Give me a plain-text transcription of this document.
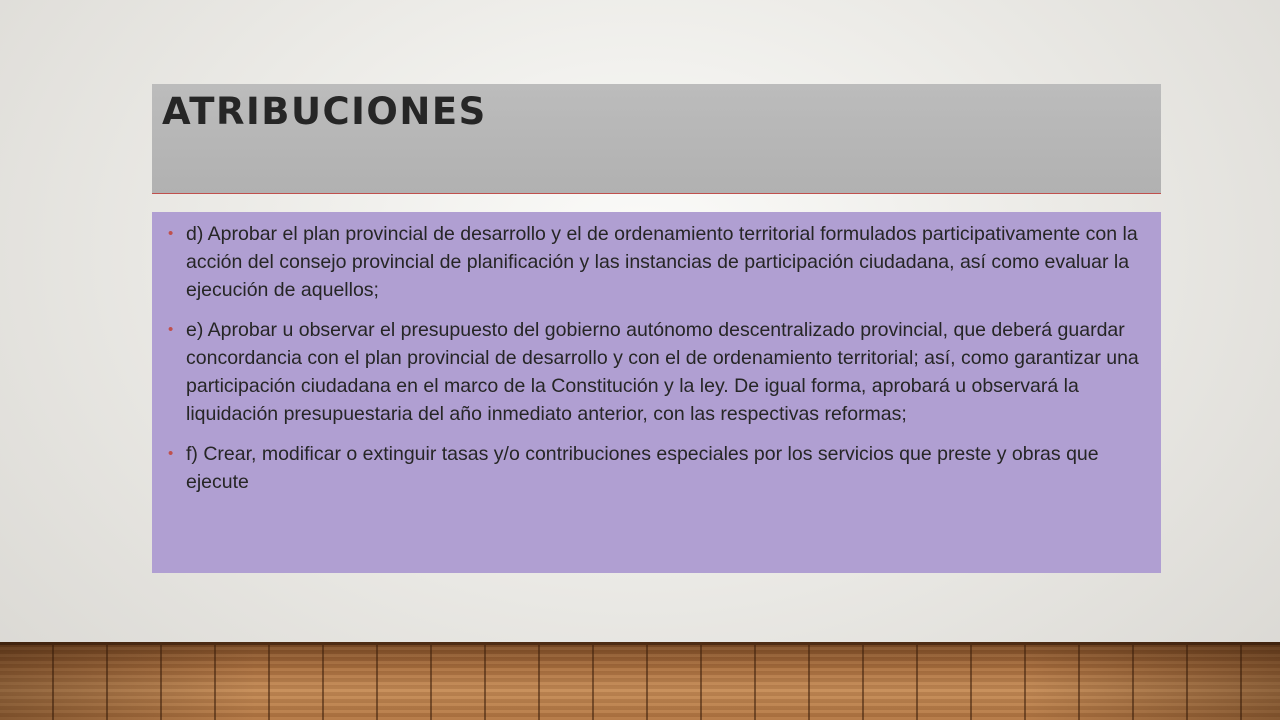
ATRIBUCIONES
• d) Aprobar el plan provincial de desarrollo y el de ordenamiento territorial formulados participativamente con la acción del consejo provincial de planificación y las instancias de participación ciudadana, así como evaluar la ejecución de aquellos;
• e) Aprobar u observar el presupuesto del gobierno autónomo descentralizado provincial, que deberá guardar concordancia con el plan provincial de desarrollo y con el de ordenamiento territorial; así, como garantizar una participación ciudadana en el marco de la Constitución y la ley. De igual forma, aprobará u observará la liquidación presupuestaria del año inmediato anterior, con las respectivas reformas;
• f) Crear, modificar o extinguir tasas y/o contribuciones especiales por los servicios que preste y obras que ejecute
